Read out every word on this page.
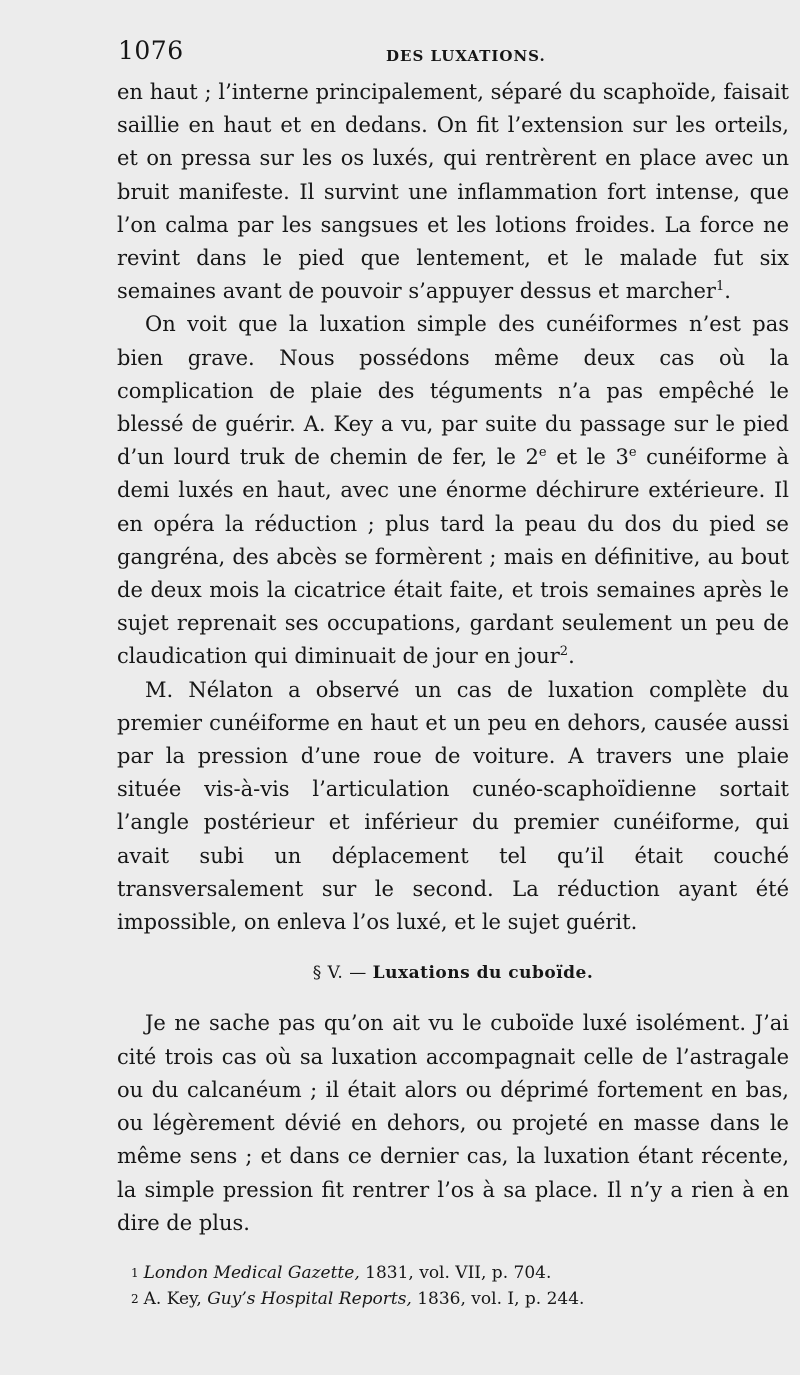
1076	DES LUXATIONS.

en haut ; l’interne principalement, séparé du scaphoïde, faisait saillie en haut et en dedans. On fit l’extension sur les orteils, et on pressa sur les os luxés, qui rentrèrent en place avec un bruit manifeste. Il survint une inflammation fort intense, que l’on calma par les sangsues et les lotions froides. La force ne revint dans le pied que lentement, et le malade fut six semaines avant de pouvoir s’appuyer dessus et marcher$^1$.

On voit que la luxation simple des cunéiformes n’est pas bien grave. Nous possédons même deux cas où la complication de plaie des téguments n’a pas empêché le blessé de guérir. A. Key a vu, par suite du passage sur le pied d’un lourd truk de chemin de fer, le 2e et le 3e cunéiforme à demi luxés en haut, avec une énorme déchirure extérieure. Il en opéra la réduction ; plus tard la peau du dos du pied se gangréna, des abcès se formèrent ; mais en définitive, au bout de deux mois la cicatrice était faite, et trois semaines après le sujet reprenait ses occupations, gardant seulement un peu de claudication qui diminuait de jour en jour$^2$.

M. Nélaton a observé un cas de luxation complète du premier cunéiforme en haut et un peu en dehors, causée aussi par la pression d’une roue de voiture. A travers une plaie située vis-à-vis l’articulation cunéo-scaphoïdienne sortait l’angle postérieur et inférieur du premier cunéiforme, qui avait subi un déplacement tel qu’il était couché transversalement sur le second. La réduction ayant été impossible, on enleva l’os luxé, et le sujet guérit.

§ V. — Luxations du cuboïde.

Je ne sache pas qu’on ait vu le cuboïde luxé isolément. J’ai cité trois cas où sa luxation accompagnait celle de l’astragale ou du calcanéum ; il était alors ou déprimé fortement en bas, ou légèrement dévié en dehors, ou projeté en masse dans le même sens ; et dans ce dernier cas, la luxation étant récente, la simple pression fit rentrer l’os à sa place. Il n’y a rien à en dire de plus.

$^1$ London Medical Gazette, 1831, vol. VII, p. 704.
$^2$ A. Key, Guy’s Hospital Reports, 1836, vol. I, p. 244.
